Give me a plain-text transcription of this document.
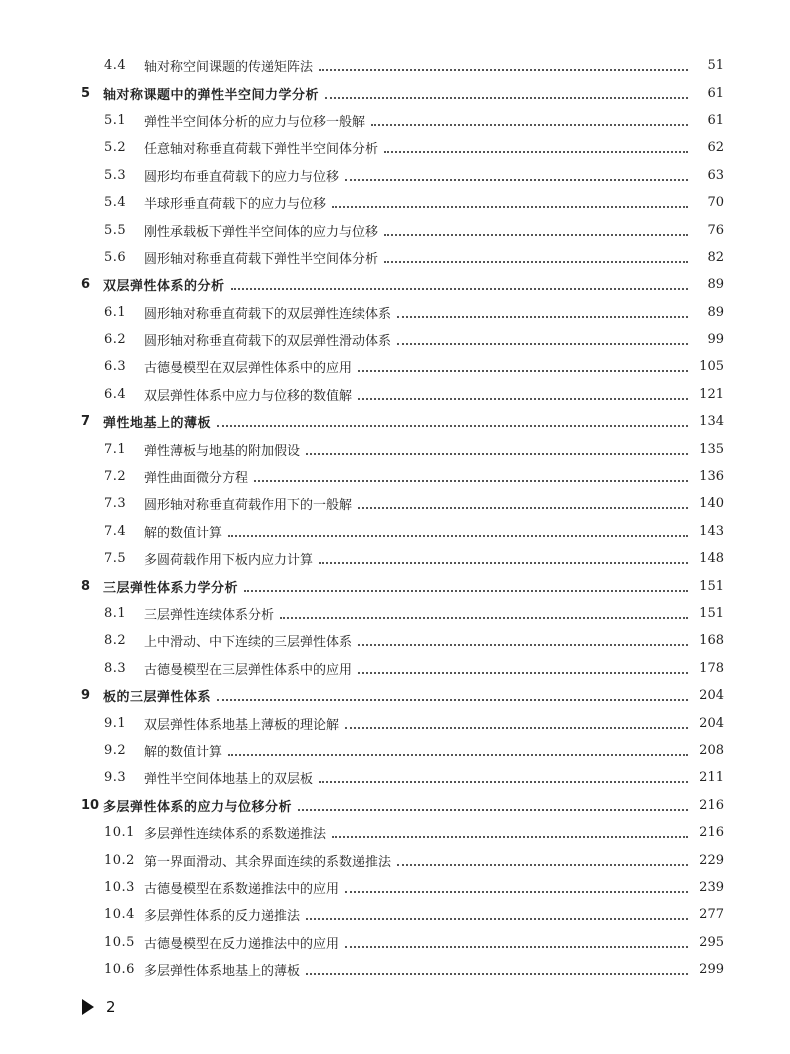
4.4	轴对称空间课题的传递矩阵法	51
5 轴对称课题中的弹性半空间力学分析	61
5.1	弹性半空间体分析的应力与位移一般解	61
5.2	任意轴对称垂直荷载下弹性半空间体分析	62
5.3	圆形均布垂直荷载下的应力与位移	63
5.4	半球形垂直荷载下的应力与位移	70
5.5	刚性承载板下弹性半空间体的应力与位移	76
5.6	圆形轴对称垂直荷载下弹性半空间体分析	82
6 双层弹性体系的分析	89
6.1	圆形轴对称垂直荷载下的双层弹性连续体系	89
6.2	圆形轴对称垂直荷载下的双层弹性滑动体系	99
6.3	古德曼模型在双层弹性体系中的应用	105
6.4	双层弹性体系中应力与位移的数值解	121
7 弹性地基上的薄板	134
7.1	弹性薄板与地基的附加假设	135
7.2	弹性曲面微分方程	136
7.3	圆形轴对称垂直荷载作用下的一般解	140
7.4	解的数值计算	143
7.5	多圆荷载作用下板内应力计算	148
8 三层弹性体系力学分析	151
8.1	三层弹性连续体系分析	151
8.2	上中滑动、中下连续的三层弹性体系	168
8.3	古德曼模型在三层弹性体系中的应用	178
9 板的三层弹性体系	204
9.1	双层弹性体系地基上薄板的理论解	204
9.2	解的数值计算	208
9.3	弹性半空间体地基上的双层板	211
10 多层弹性体系的应力与位移分析	216
10.1 多层弹性连续体系的系数递推法	216
10.2 第一界面滑动、其余界面连续的系数递推法	229
10.3 古德曼模型在系数递推法中的应用	239
10.4 多层弹性体系的反力递推法	277
10.5 古德曼模型在反力递推法中的应用	295
10.6 多层弹性体系地基上的薄板	299
2
